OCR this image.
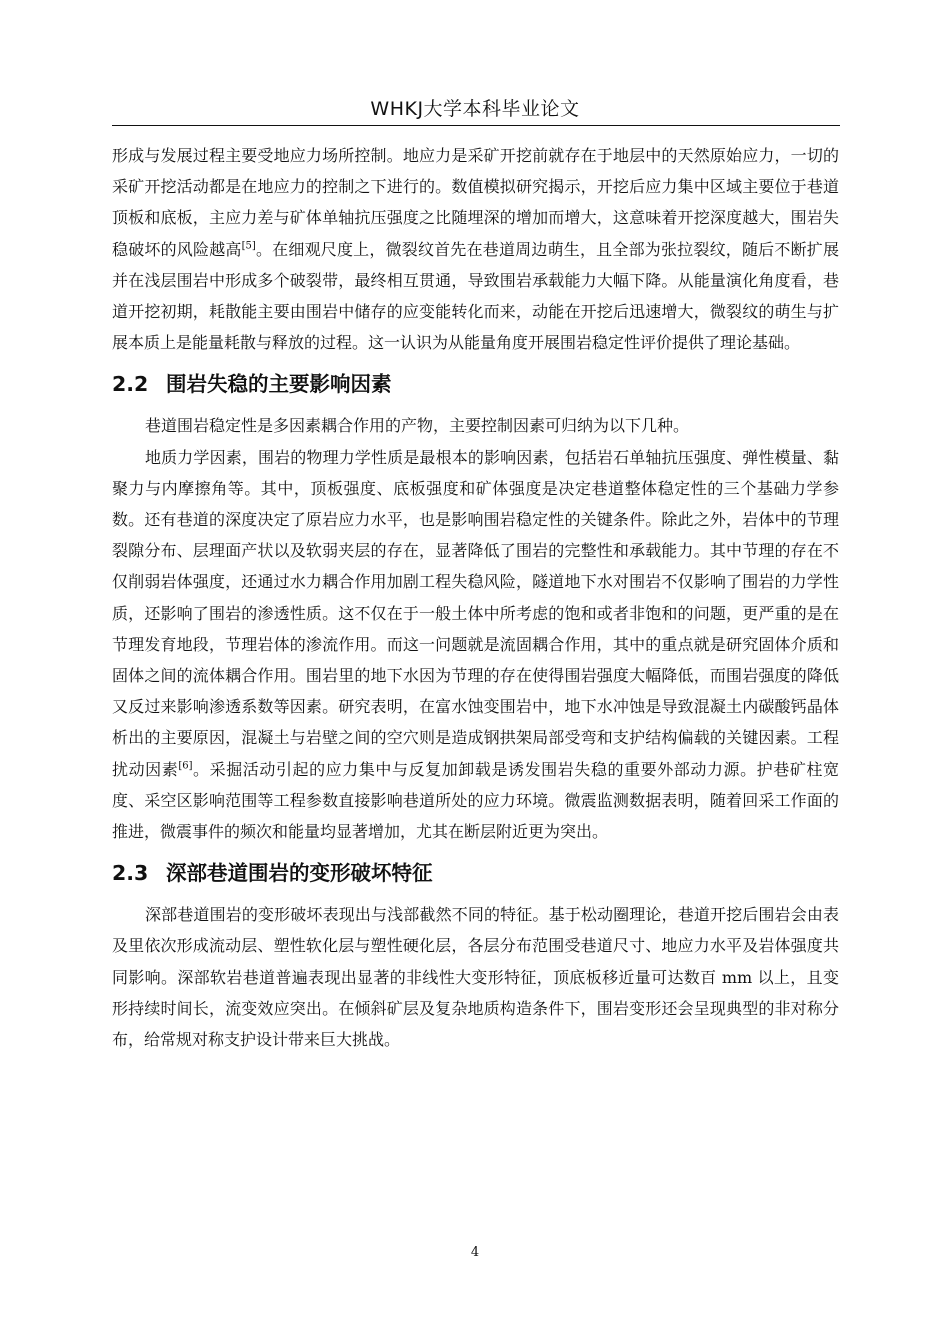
WHKJ大学本科毕业论文

形成与发展过程主要受地应力场所控制。地应力是采矿开挖前就存在于地层中的天然原始应力，一切的采矿开挖活动都是在地应力的控制之下进行的。数值模拟研究揭示，开挖后应力集中区域主要位于巷道顶板和底板，主应力差与矿体单轴抗压强度之比随埋深的增加而增大，这意味着开挖深度越大，围岩失稳破坏的风险越高[5]。在细观尺度上，微裂纹首先在巷道周边萌生，且全部为张拉裂纹，随后不断扩展并在浅层围岩中形成多个破裂带，最终相互贯通，导致围岩承载能力大幅下降。从能量演化角度看，巷道开挖初期，耗散能主要由围岩中储存的应变能转化而来，动能在开挖后迅速增大，微裂纹的萌生与扩展本质上是能量耗散与释放的过程。这一认识为从能量角度开展围岩稳定性评价提供了理论基础。

2.2 围岩失稳的主要影响因素

巷道围岩稳定性是多因素耦合作用的产物，主要控制因素可归纳为以下几种。

地质力学因素，围岩的物理力学性质是最根本的影响因素，包括岩石单轴抗压强度、弹性模量、黏聚力与内摩擦角等。其中，顶板强度、底板强度和矿体强度是决定巷道整体稳定性的三个基础力学参数。还有巷道的深度决定了原岩应力水平，也是影响围岩稳定性的关键条件。除此之外，岩体中的节理裂隙分布、层理面产状以及软弱夹层的存在，显著降低了围岩的完整性和承载能力。其中节理的存在不仅削弱岩体强度，还通过水力耦合作用加剧工程失稳风险，隧道地下水对围岩不仅影响了围岩的力学性质，还影响了围岩的渗透性质。这不仅在于一般土体中所考虑的饱和或者非饱和的问题，更严重的是在节理发育地段，节理岩体的渗流作用。而这一问题就是流固耦合作用，其中的重点就是研究固体介质和固体之间的流体耦合作用。围岩里的地下水因为节理的存在使得围岩强度大幅降低，而围岩强度的降低又反过来影响渗透系数等因素。研究表明，在富水蚀变围岩中，地下水冲蚀是导致混凝土内碳酸钙晶体析出的主要原因，混凝土与岩壁之间的空穴则是造成钢拱架局部受弯和支护结构偏载的关键因素。工程扰动因素[6]。采掘活动引起的应力集中与反复加卸载是诱发围岩失稳的重要外部动力源。护巷矿柱宽度、采空区影响范围等工程参数直接影响巷道所处的应力环境。微震监测数据表明，随着回采工作面的推进，微震事件的频次和能量均显著增加，尤其在断层附近更为突出。

2.3 深部巷道围岩的变形破坏特征

深部巷道围岩的变形破坏表现出与浅部截然不同的特征。基于松动圈理论，巷道开挖后围岩会由表及里依次形成流动层、塑性软化层与塑性硬化层，各层分布范围受巷道尺寸、地应力水平及岩体强度共同影响。深部软岩巷道普遍表现出显著的非线性大变形特征，顶底板移近量可达数百 mm 以上，且变形持续时间长，流变效应突出。在倾斜矿层及复杂地质构造条件下，围岩变形还会呈现典型的非对称分布，给常规对称支护设计带来巨大挑战。

4
